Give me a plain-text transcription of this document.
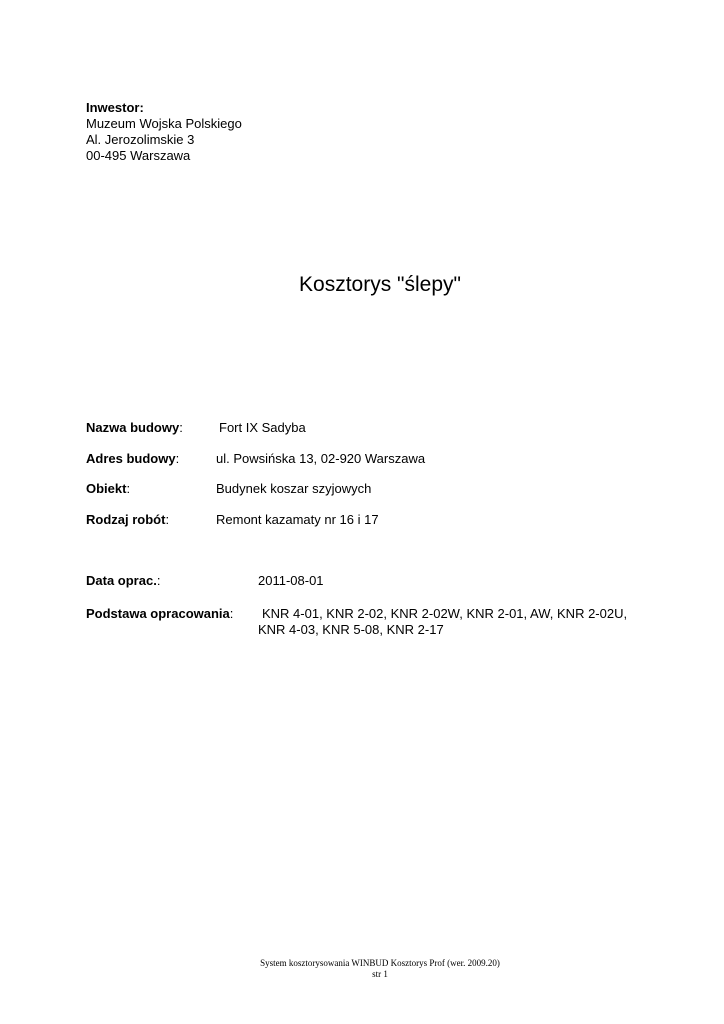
Inwestor:
Muzeum Wojska Polskiego
Al. Jerozolimskie 3
00-495 Warszawa
Kosztorys "ślepy"
Nazwa budowy:	Fort IX Sadyba
Adres budowy:	ul. Powsińska 13, 02-920 Warszawa
Obiekt:	Budynek koszar szyjowych
Rodzaj robót:	Remont kazamaty nr 16 i 17
Data oprac.:	2011-08-01
Podstawa opracowania: KNR 4-01, KNR 2-02, KNR 2-02W, KNR 2-01, AW, KNR 2-02U,
KNR 4-03, KNR 5-08, KNR 2-17
System kosztorysowania WINBUD Kosztorys Prof (wer. 2009.20)
str 1
